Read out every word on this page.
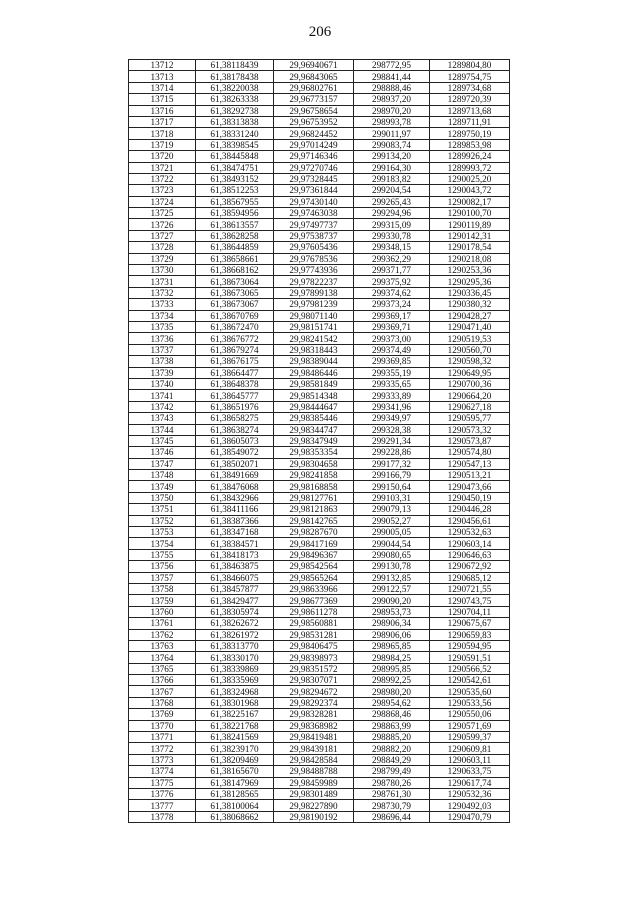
206
13712	61,38118439	29,96940671	298772,95	1289804,80
13713	61,38178438	29,96843065	298841,44	1289754,75
13714	61,38220038	29,96802761	298888,46	1289734,68
13715	61,38263338	29,96773157	298937,20	1289720,39
13716	61,38292738	29,96758654	298970,20	1289713,68
13717	61,38313838	29,96753952	298993,78	1289711,91
13718	61,38331240	29,96824452	299011,97	1289750,19
13719	61,38398545	29,97014249	299083,74	1289853,98
13720	61,38445848	29,97146346	299134,20	1289926,24
13721	61,38474751	29,97270746	299164,30	1289993,72
13722	61,38493152	29,97328445	299183,82	1290025,20
13723	61,38512253	29,97361844	299204,54	1290043,72
13724	61,38567955	29,97430140	299265,43	1290082,17
13725	61,38594956	29,97463038	299294,96	1290100,70
13726	61,38613557	29,97497737	299315,09	1290119,89
13727	61,38628258	29,97538737	299330,78	1290142,31
13728	61,38644859	29,97605436	299348,15	1290178,54
13729	61,38658661	29,97678536	299362,29	1290218,08
13730	61,38668162	29,97743936	299371,77	1290253,36
13731	61,38673064	29,97822237	299375,92	1290295,36
13732	61,38673065	29,97899138	299374,62	1290336,45
13733	61,38673067	29,97981239	299373,24	1290380,32
13734	61,38670769	29,98071140	299369,17	1290428,27
13735	61,38672470	29,98151741	299369,71	1290471,40
13736	61,38676772	29,98241542	299373,00	1290519,53
13737	61,38679274	29,98318443	299374,49	1290560,70
13738	61,38676175	29,98389044	299369,85	1290598,32
13739	61,38664477	29,98486446	299355,19	1290649,95
13740	61,38648378	29,98581849	299335,65	1290700,36
13741	61,38645777	29,98514348	299333,89	1290664,20
13742	61,38651976	29,98444647	299341,96	1290627,18
13743	61,38658275	29,98385446	299349,97	1290595,77
13744	61,38638274	29,98344747	299328,38	1290573,32
13745	61,38605073	29,98347949	299291,34	1290573,87
13746	61,38549072	29,98353354	299228,86	1290574,80
13747	61,38502071	29,98304658	299177,32	1290547,13
13748	61,38491669	29,98241858	299166,79	1290513,21
13749	61,38476068	29,98168858	299150,64	1290473,66
13750	61,38432966	29,98127761	299103,31	1290450,19
13751	61,38411166	29,98121863	299079,13	1290446,28
13752	61,38387366	29,98142765	299052,27	1290456,61
13753	61,38347168	29,98287670	299005,05	1290532,63
13754	61,38384571	29,98417169	299044,54	1290603,14
13755	61,38418173	29,98496367	299080,65	1290646,63
13756	61,38463875	29,98542564	299130,78	1290672,92
13757	61,38466075	29,98565264	299132,85	1290685,12
13758	61,38457877	29,98633966	299122,57	1290721,55
13759	61,38429477	29,98677369	299090,20	1290743,75
13760	61,38305974	29,98611278	298953,73	1290704,11
13761	61,38262672	29,98560881	298906,34	1290675,67
13762	61,38261972	29,98531281	298906,06	1290659,83
13763	61,38313770	29,98406475	298965,85	1290594,95
13764	61,38330170	29,98398973	298984,25	1290591,51
13765	61,38339869	29,98351572	298995,85	1290566,52
13766	61,38335969	29,98307071	298992,25	1290542,61
13767	61,38324968	29,98294672	298980,20	1290535,60
13768	61,38301968	29,98292374	298954,62	1290533,56
13769	61,38225167	29,98328281	298868,46	1290550,06
13770	61,38221768	29,98368982	298863,99	1290571,69
13771	61,38241569	29,98419481	298885,20	1290599,37
13772	61,38239170	29,98439181	298882,20	1290609,81
13773	61,38209469	29,98428584	298849,29	1290603,11
13774	61,38165670	29,98488788	298799,49	1290633,75
13775	61,38147969	29,98459989	298780,26	1290617,74
13776	61,38128565	29,98301489	298761,30	1290532,36
13777	61,38100064	29,98227890	298730,79	1290492,03
13778	61,38068662	29,98190192	298696,44	1290470,79
